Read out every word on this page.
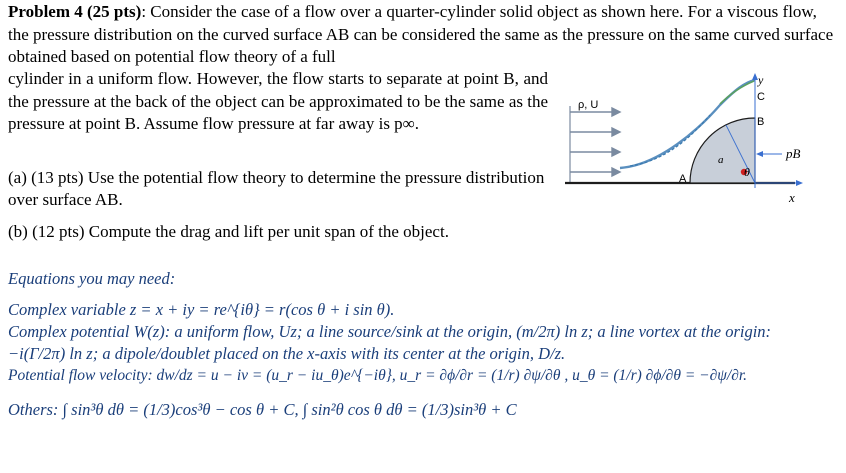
Problem 4 (25 pts): Consider the case of a flow over a quarter-cylinder solid object as shown here. For a viscous flow, the pressure distribution on the curved surface AB can be considered the same as the pressure on the same curved surface obtained based on potential flow theory of a full
cylinder in a uniform flow. However, the flow starts to separate at point B, and the pressure at the back of the object can be approximated to be the same as the pressure at point B. Assume flow pressure at far away is p∞.
(a) (13 pts) Use the potential flow theory to determine the pressure distribution over surface AB.
(b) (12 pts) Compute the drag and lift per unit span of the object.
ρ, U
A
B
C
a
θ
pB
x
y
Equations you may need:
Complex variable z = x + iy = re^{iθ} = r(cos θ + i sin θ).
Complex potential W(z): a uniform flow, Uz; a line source/sink at the origin, (m/2π) ln z; a line vortex at the origin:
−i(Γ/2π) ln z; a dipole/doublet placed on the x-axis with its center at the origin, D/z.
Potential flow velocity: dw/dz = u − iv = (u_r − iu_θ)e^{−iθ}, u_r = ∂ϕ/∂r = (1/r) ∂ψ/∂θ , u_θ = (1/r) ∂ϕ/∂θ = −∂ψ/∂r.
Others: ∫ sin³θ dθ = (1/3)cos³θ − cos θ + C, ∫ sin²θ cos θ dθ = (1/3)sin³θ + C
